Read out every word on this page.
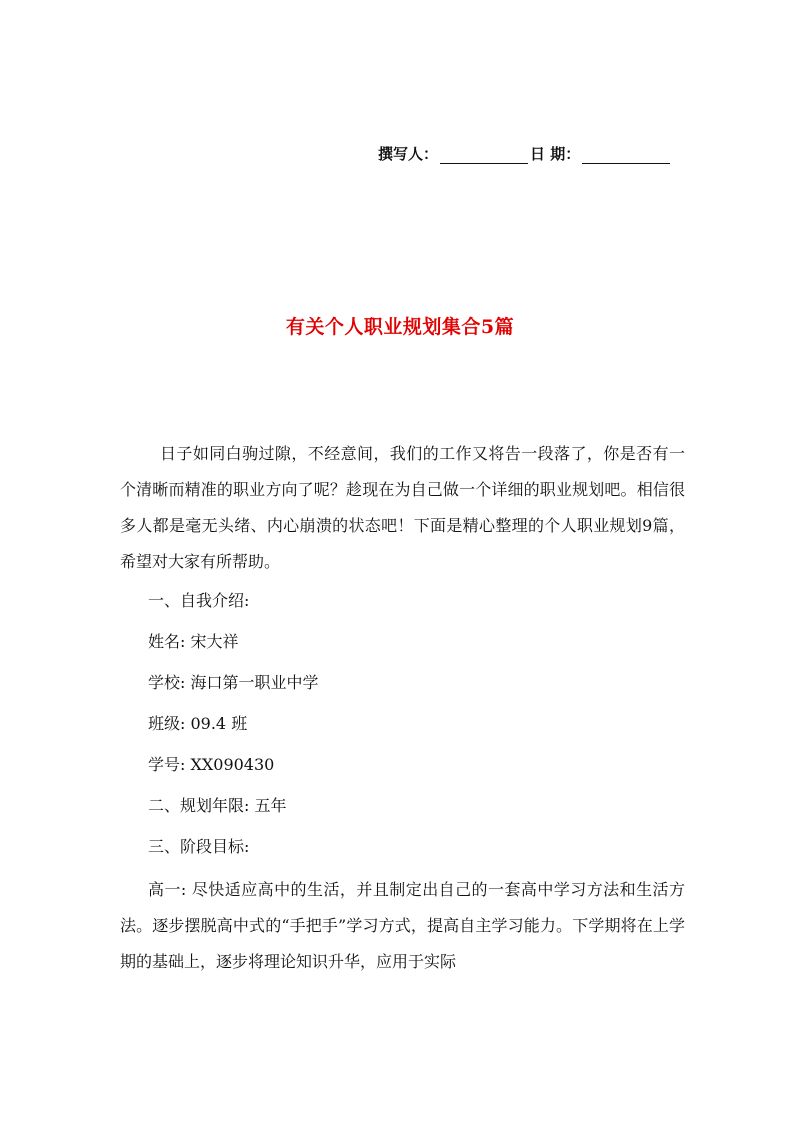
撰写人：	日 期：
有关个人职业规划集合5篇

日子如同白驹过隙，不经意间，我们的工作又将告一段落了，你是否有一个清晰而精准的职业方向了呢？趁现在为自己做一个详细的职业规划吧。相信很多人都是毫无头绪、内心崩溃的状态吧！下面是精心整理的个人职业规划9篇，希望对大家有所帮助。

一、自我介绍:

姓名: 宋大祥

学校: 海口第一职业中学

班级: 09.4 班

学号: XX090430

二、规划年限: 五年

三、阶段目标:

高一: 尽快适应高中的生活，并且制定出自己的一套高中学习方法和生活方法。逐步摆脱高中式的“手把手”学习方式，提高自主学习能力。下学期将在上学期的基础上，逐步将理论知识升华，应用于实际
